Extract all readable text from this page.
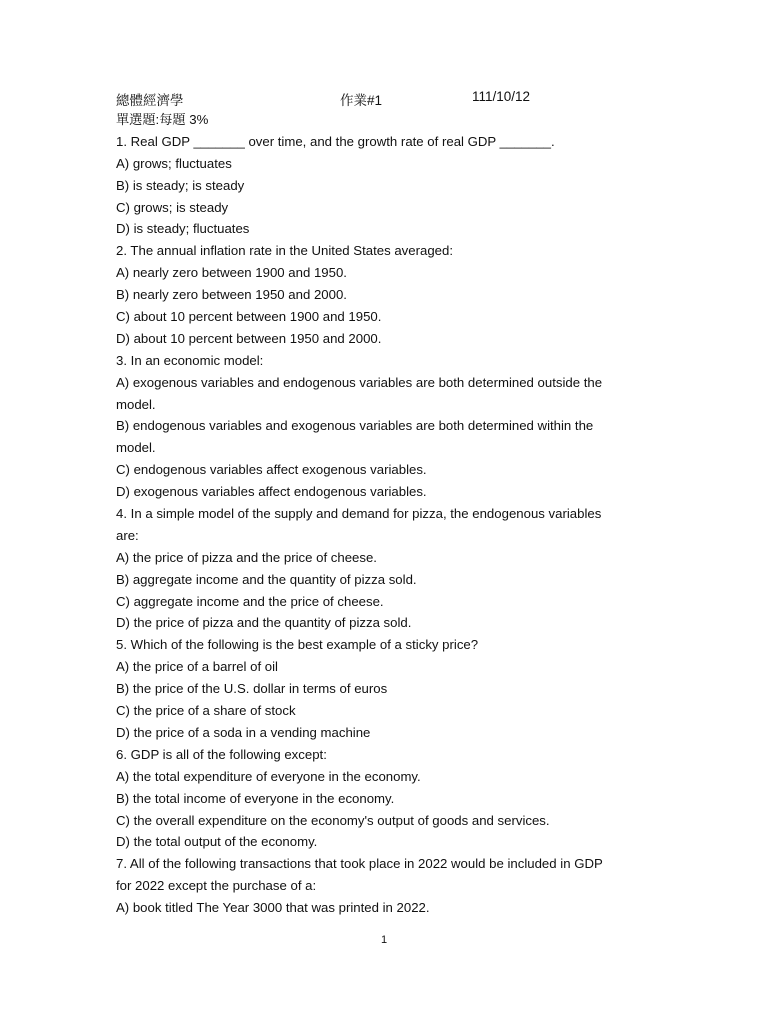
總體經濟學	作業#1	111/10/12
單選題:每題 3%
1. Real GDP _______ over time, and the growth rate of real GDP _______.
A) grows; fluctuates
B) is steady; is steady
C) grows; is steady
D) is steady; fluctuates
2. The annual inflation rate in the United States averaged:
A) nearly zero between 1900 and 1950.
B) nearly zero between 1950 and 2000.
C) about 10 percent between 1900 and 1950.
D) about 10 percent between 1950 and 2000.
3. In an economic model:
A) exogenous variables and endogenous variables are both determined outside the
model.
B) endogenous variables and exogenous variables are both determined within the
model.
C) endogenous variables affect exogenous variables.
D) exogenous variables affect endogenous variables.
4. In a simple model of the supply and demand for pizza, the endogenous variables
are:
A) the price of pizza and the price of cheese.
B) aggregate income and the quantity of pizza sold.
C) aggregate income and the price of cheese.
D) the price of pizza and the quantity of pizza sold.
5. Which of the following is the best example of a sticky price?
A) the price of a barrel of oil
B) the price of the U.S. dollar in terms of euros
C) the price of a share of stock
D) the price of a soda in a vending machine
6. GDP is all of the following except:
A) the total expenditure of everyone in the economy.
B) the total income of everyone in the economy.
C) the overall expenditure on the economy's output of goods and services.
D) the total output of the economy.
7. All of the following transactions that took place in 2022 would be included in GDP
for 2022 except the purchase of a:
A) book titled The Year 3000 that was printed in 2022.
1
